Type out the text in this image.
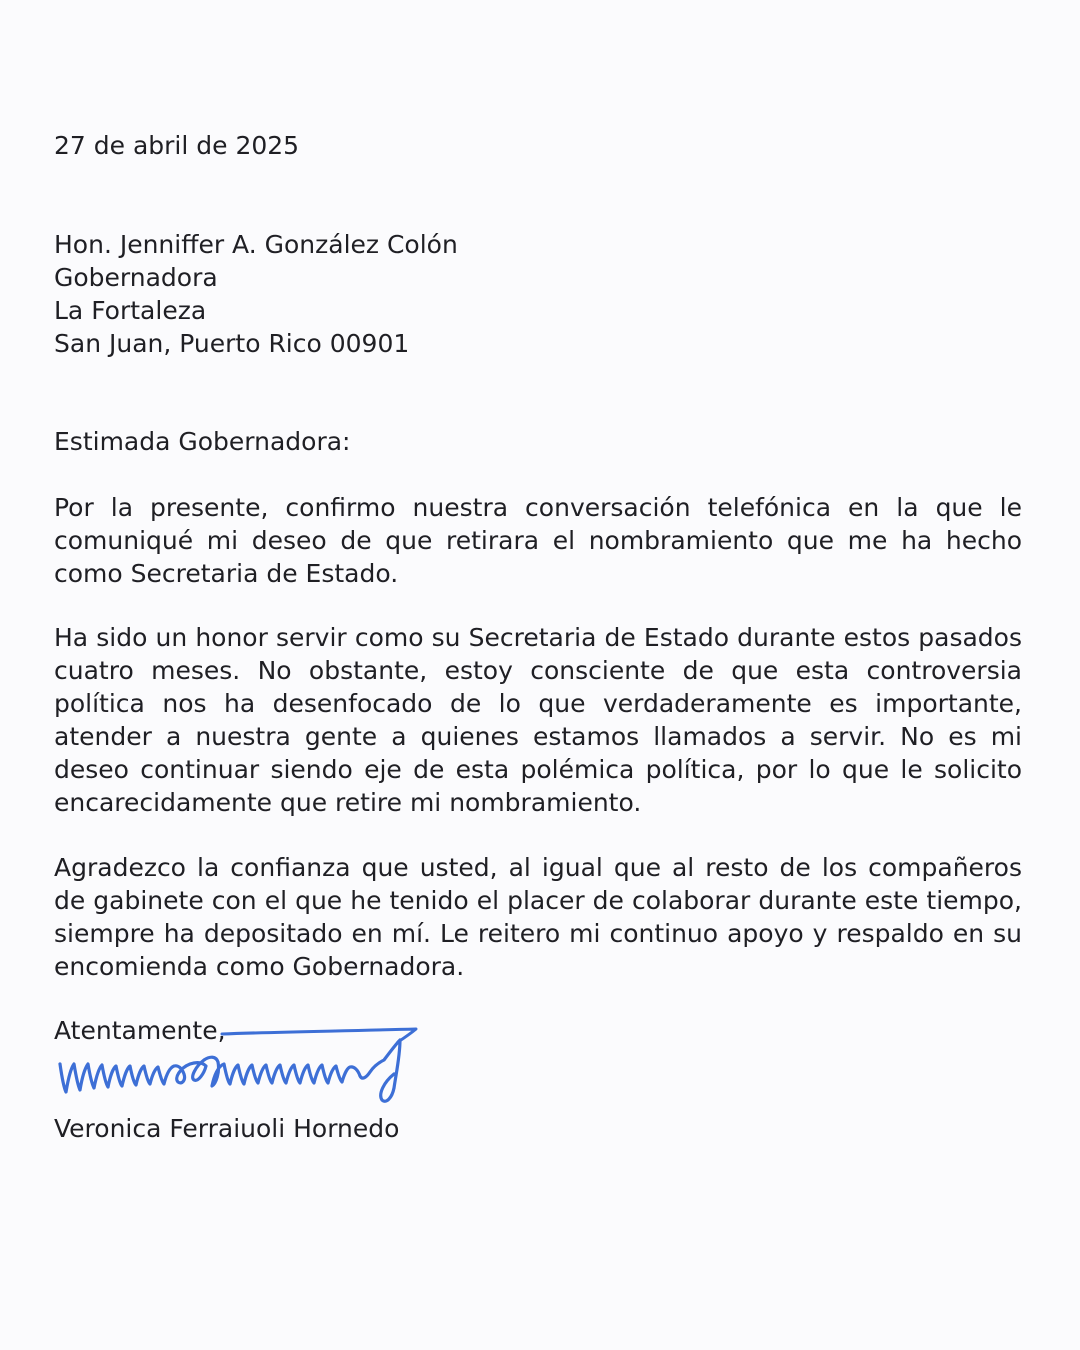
27 de abril de 2025

Hon. Jenniffer A. González Colón
Gobernadora
La Fortaleza
San Juan, Puerto Rico 00901

Estimada Gobernadora:

Por la presente, confirmo nuestra conversación telefónica en la que le comuniqué mi deseo de que retirara el nombramiento que me ha hecho como Secretaria de Estado.

Ha sido un honor servir como su Secretaria de Estado durante estos pasados cuatro meses. No obstante, estoy consciente de que esta controversia política nos ha desenfocado de lo que verdaderamente es importante, atender a nuestra gente a quienes estamos llamados a servir. No es mi deseo continuar siendo eje de esta polémica política, por lo que le solicito encarecidamente que retire mi nombramiento.

Agradezco la confianza que usted, al igual que al resto de los compañeros de gabinete con el que he tenido el placer de colaborar durante este tiempo, siempre ha depositado en mí. Le reitero mi continuo apoyo y respaldo en su encomienda como Gobernadora.

Atentamente,

Veronica Ferraiuoli Hornedo
